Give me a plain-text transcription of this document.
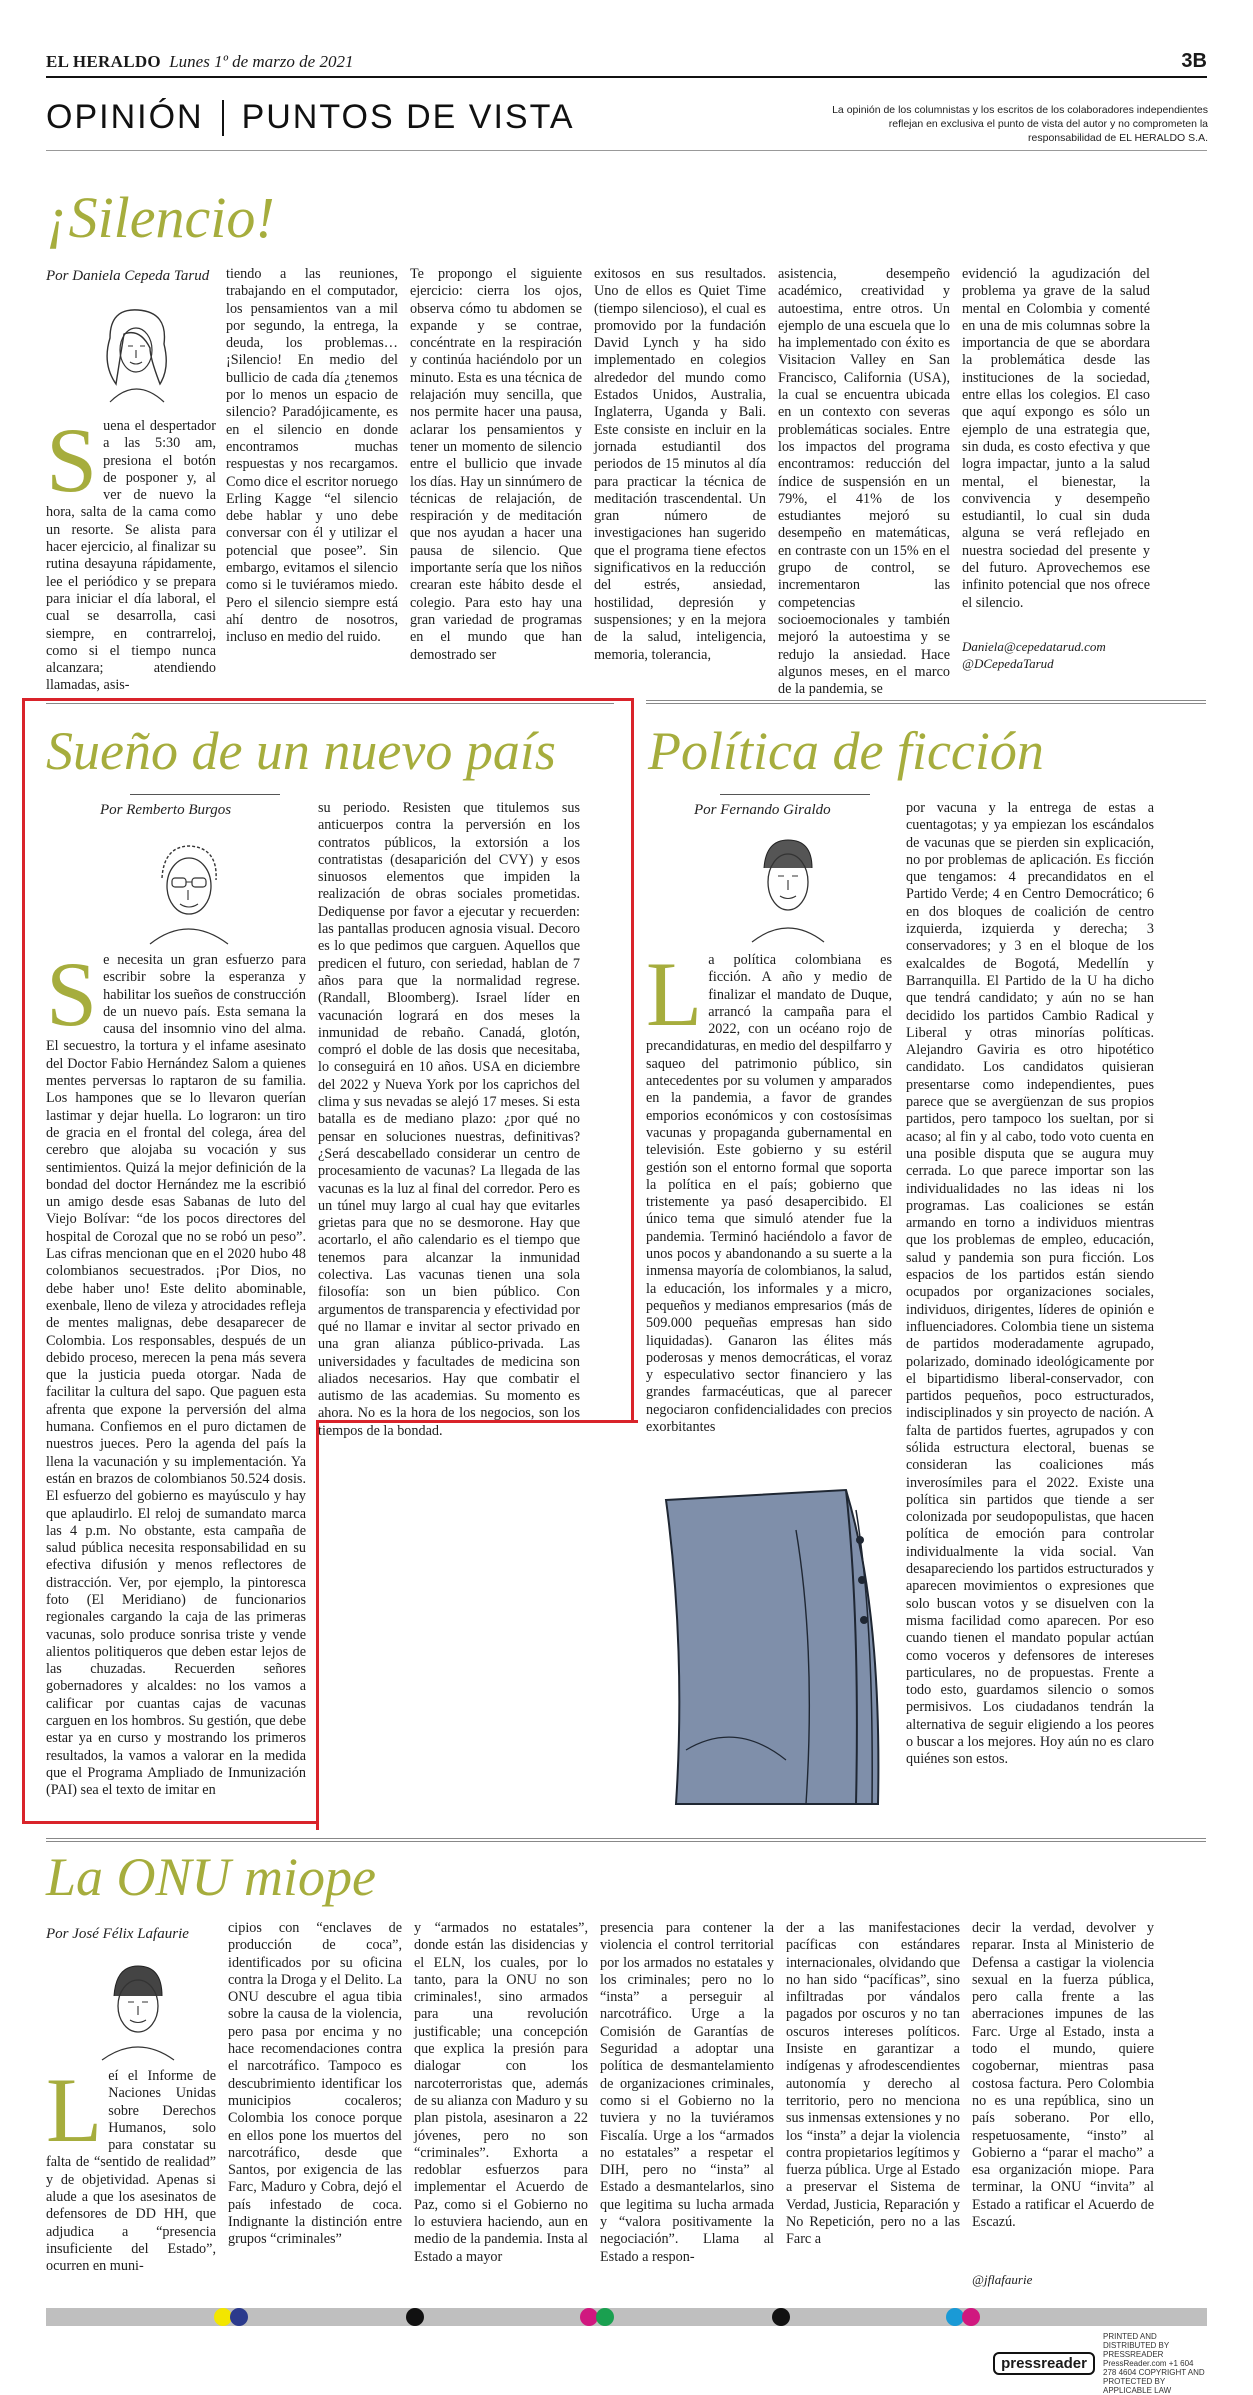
EL HERALDO Lunes 1º de marzo de 2021	3B
OPINIÓN PUNTOS DE VISTA	La opinión de los columnistas y los escritos de los colaboradores independientes reflejan en exclusiva el punto de vista del autor y no comprometen la responsabilidad de EL HERALDO S.A.
¡Silencio!
Por Daniela Cepeda Tarud
S uena el despertador a las 5:30 am, presiona el botón de posponer y, al ver de nuevo la hora, salta de la cama como un resorte. Se alista para hacer ejercicio, al finalizar su rutina desayuna rápidamente, lee el periódico y se prepara para iniciar el día laboral, el cual se desarrolla, casi siempre, en contrarreloj, como si el tiempo nunca alcanzara; atendiendo llamadas, asis-

tiendo a las reuniones, trabajando en el computador, los pensamientos van a mil por segundo, la entrega, la deuda, los problemas… ¡Silencio! En medio del bullicio de cada día ¿tenemos por lo menos un espacio de silencio? Paradójicamente, es en el silencio en donde encontramos muchas respuestas y nos recargamos. Como dice el escritor noruego Erling Kagge “el silencio debe hablar y uno debe conversar con él y utilizar el potencial que posee”. Sin embargo, evitamos el silencio como si le tuviéramos miedo. Pero el silencio siempre está ahí dentro de nosotros, incluso en medio del ruido.

Te propongo el siguiente ejercicio: cierra los ojos, observa cómo tu abdomen se expande y se contrae, concéntrate en la respiración y continúa haciéndolo por un minuto. Esta es una técnica de relajación muy sencilla, que nos permite hacer una pausa, aclarar los pensamientos y tener un momento de silencio entre el bullicio que invade los días. Hay un sinnúmero de técnicas de relajación, de respiración y de meditación que nos ayudan a hacer una pausa de silencio. Que importante sería que los niños crearan este hábito desde el colegio. Para esto hay una gran variedad de programas en el mundo que han demostrado ser

exitosos en sus resultados. Uno de ellos es Quiet Time (tiempo silencioso), el cual es promovido por la fundación David Lynch y ha sido implementado en colegios alrededor del mundo como Estados Unidos, Australia, Inglaterra, Uganda y Bali. Este consiste en incluir en la jornada estudiantil dos periodos de 15 minutos al día para practicar la técnica de meditación trascendental. Un gran número de investigaciones han sugerido que el programa tiene efectos significativos en la reducción del estrés, ansiedad, hostilidad, depresión y suspensiones; y en la mejora de la salud, inteligencia, memoria, tolerancia,

asistencia, desempeño académico, creatividad y autoestima, entre otros. Un ejemplo de una escuela que lo ha implementado con éxito es Visitacion Valley en San Francisco, California (USA), la cual se encuentra ubicada en un contexto con severas problemáticas sociales. Entre los impactos del programa encontramos: reducción del índice de suspensión en un 79%, el 41% de los estudiantes mejoró su desempeño en matemáticas, en contraste con un 15% en el grupo de control, se incrementaron las competencias socioemocionales y también mejoró la autoestima y se redujo la ansiedad. Hace algunos meses, en el marco de la pandemia, se

evidenció la agudización del problema ya grave de la salud mental en Colombia y comenté en una de mis columnas sobre la importancia de que se abordara la problemática desde las instituciones de la sociedad, entre ellas los colegios. El caso que aquí expongo es sólo un ejemplo de una estrategia que, sin duda, es costo efectiva y que logra impactar, junto a la salud mental, el bienestar, la convivencia y desempeño estudiantil, lo cual sin duda alguna se verá reflejado en nuestra sociedad del presente y del futuro. Aprovechemos ese infinito potencial que nos ofrece el silencio.

Daniela@cepedatarud.com
@DCepedaTarud
Sueño de un nuevo país
Por Remberto Burgos
S e necesita un gran esfuerzo para escribir sobre la esperanza y habilitar los sueños de construcción de un nuevo país. Esta semana la causa del insomnio vino del alma. El secuestro, la tortura y el infame asesinato del Doctor Fabio Hernández Salom a quienes mentes perversas lo raptaron de su familia. Los hampones que se lo llevaron querían lastimar y dejar huella. Lo lograron: un tiro de gracia en el frontal del colega, área del cerebro que alojaba su vocación y sus sentimientos. Quizá la mejor definición de la bondad del doctor Hernández me la escribió un amigo desde esas Sabanas de luto del Viejo Bolívar: “de los pocos directores del hospital de Corozal que no se robó un peso”. Las cifras mencionan que en el 2020 hubo 48 colombianos secuestrados. ¡Por Dios, no debe haber uno! Este delito abominable, exenbale, lleno de vileza y atrocidades refleja de mentes malignas, debe desaparecer de Colombia. Los responsables, después de un debido proceso, merecen la pena más severa que la justicia pueda otorgar. Nada de facilitar la cultura del sapo. Que paguen esta afrenta que expone la perversión del alma humana. Confiemos en el puro dictamen de nuestros jueces. Pero la agenda del país la llena la vacunación y su implementación. Ya están en brazos de colombianos 50.524 dosis. El esfuerzo del gobierno es mayúsculo y hay que aplaudirlo. El reloj de sumandato marca las 4 p.m. No obstante, esta campaña de salud pública necesita responsabilidad en su efectiva difusión y menos reflectores de distracción. Ver, por ejemplo, la pintoresca foto (El Meridiano) de funcionarios regionales cargando la caja de las primeras vacunas, solo produce sonrisa triste y vende alientos politiqueros que deben estar lejos de las chuzadas. Recuerden señores gobernadores y alcaldes: no los vamos a calificar por cuantas cajas de vacunas carguen en los hombros. Su gestión, que debe estar ya en curso y mostrando los primeros resultados, la vamos a valorar en la medida que el Programa Ampliado de Inmunización (PAI) sea el texto de imitar en

su periodo. Resisten que titulemos sus anticuerpos contra la perversión en los contratos públicos, la extorsión a los contratistas (desaparición del CVY) y esos sinuosos elementos que impiden la realización de obras sociales prometidas. Dediquense por favor a ejecutar y recuerden: las pantallas producen agnosia visual. Decoro es lo que pedimos que carguen. Aquellos que predicen el futuro, con seriedad, hablan de 7 años para que la normalidad regrese. (Randall, Bloomberg). Israel líder en vacunación logrará en dos meses la inmunidad de rebaño. Canadá, glotón, compró el doble de las dosis que necesitaba, lo conseguirá en 10 años. USA en diciembre del 2022 y Nueva York por los caprichos del clima y sus nevadas se alejó 17 meses. Si esta batalla es de mediano plazo: ¿por qué no pensar en soluciones nuestras, definitivas? ¿Será descabellado considerar un centro de procesamiento de vacunas? La llegada de las vacunas es la luz al final del corredor. Pero es un túnel muy largo al cual hay que evitarles grietas para que no se desmorone. Hay que acortarlo, el año calendario es el tiempo que tenemos para alcanzar la inmunidad colectiva. Las vacunas tienen una sola filosofía: son un bien público. Con argumentos de transparencia y efectividad por qué no llamar e invitar al sector privado en una gran alianza público-privada. Las universidades y facultades de medicina son aliados necesarios. Hay que combatir el autismo de las academias. Su momento es ahora. No es la hora de los negocios, son los tiempos de la bondad.

Política de ficción
Por Fernando Giraldo
L a política colombiana es ficción. A año y medio de finalizar el mandato de Duque, arrancó la campaña para el 2022, con un océano rojo de precandidaturas, en medio del despilfarro y saqueo del patrimonio público, sin antecedentes por su volumen y amparados en la pandemia, a favor de grandes emporios económicos y con costosísimas vacunas y propaganda gubernamental en televisión. Este gobierno y su estéril gestión son el entorno formal que soporta la política en el país; gobierno que tristemente ya pasó desapercibido. El único tema que simuló atender fue la pandemia. Terminó haciéndolo a favor de unos pocos y abandonando a su suerte a la inmensa mayoría de colombianos, la salud, la educación, los informales y a micro, pequeños y medianos empresarios (más de 509.000 pequeñas empresas han sido liquidadas). Ganaron las élites más poderosas y menos democráticas, el voraz y especulativo sector financiero y las grandes farmacéuticas, que al parecer negociaron confidencialidades con precios exorbitantes

por vacuna y la entrega de estas a cuentagotas; y ya empiezan los escándalos de vacunas que se pierden sin explicación, no por problemas de aplicación. Es ficción que tengamos: 4 precandidatos en el Partido Verde; 4 en Centro Democrático; 6 en dos bloques de coalición de centro izquierda, izquierda y derecha; 3 conservadores; y 3 en el bloque de los exalcaldes de Bogotá, Medellín y Barranquilla. El Partido de la U ha dicho que tendrá candidato; y aún no se han decidido los partidos Cambio Radical y Liberal y otras minorías políticas. Alejandro Gaviria es otro hipotético candidato. Los candidatos quisieran presentarse como independientes, pues parece que se avergüenzan de sus propios partidos, pero tampoco los sueltan, por si acaso; al fin y al cabo, todo voto cuenta en una posible disputa que se augura muy cerrada. Lo que parece importar son las individualidades no las ideas ni los programas. Las coaliciones se están armando en torno a individuos mientras que los problemas de empleo, educación, salud y pandemia son pura ficción. Los espacios de los partidos están siendo ocupados por organizaciones sociales, individuos, dirigentes, líderes de opinión e influenciadores. Colombia tiene un sistema de partidos moderadamente agrupado, polarizado, dominado ideológicamente por el bipartidismo liberal-conservador, con partidos pequeños, poco estructurados, indisciplinados y sin proyecto de nación. A falta de partidos fuertes, agrupados y con sólida estructura electoral, buenas se consideran las coaliciones más inverosímiles para el 2022. Existe una política sin partidos que tiende a ser colonizada por seudopopulistas, que hacen política de emoción para controlar individualmente la vida social. Van desapareciendo los partidos estructurados y aparecen movimientos o expresiones que solo buscan votos y se disuelven con la misma facilidad como aparecen. Por eso cuando tienen el mandato popular actúan como voceros y defensores de intereses particulares, no de propuestas. Frente a todo esto, guardamos silencio o somos permisivos. Los ciudadanos tendrán la alternativa de seguir eligiendo a los peores o buscar a los mejores. Hoy aún no es claro quiénes son estos.

La ONU miope
Por José Félix Lafaurie
L eí el Informe de Naciones Unidas sobre Derechos Humanos, solo para constatar su falta de “sentido de realidad” y de objetividad. Apenas si alude a que los asesinatos de defensores de DD HH, que adjudica a “presencia insuficiente del Estado”, ocurren en muni-

cipios con “enclaves de producción de coca”, identificados por su oficina contra la Droga y el Delito. La ONU descubre el agua tibia sobre la causa de la violencia, pero pasa por encima y no hace recomendaciones contra el narcotráfico. Tampoco es descubrimiento identificar los municipios cocaleros; Colombia los conoce porque en ellos pone los muertos del narcotráfico, desde que Santos, por exigencia de las Farc, Maduro y Cobra, dejó el país infestado de coca. Indignante la distinción entre grupos “criminales”

y “armados no estatales”, donde están las disidencias y el ELN, los cuales, por lo tanto, para la ONU no son criminales!, sino armados para una revolución justificable; una concepción que explica la presión para dialogar con los narcoterroristas que, además de su alianza con Maduro y su plan pistola, asesinaron a 22 jóvenes, pero no son “criminales”. Exhorta a redoblar esfuerzos para implementar el Acuerdo de Paz, como si el Gobierno no lo estuviera haciendo, aun en medio de la pandemia. Insta al Estado a mayor

presencia para contener la violencia el control territorial por los armados no estatales y los criminales; pero no lo “insta” a perseguir al narcotráfico. Urge a la Comisión de Garantías de Seguridad a adoptar una política de desmantelamiento de organizaciones criminales, como si el Gobierno no la tuviera y no la tuviéramos Fiscalía. Urge a los “armados no estatales” a respetar el DIH, pero no “insta” al Estado a desmantelarlos, sino que legitima su lucha armada y “valora positivamente la negociación”. Llama al Estado a respon-

der a las manifestaciones pacíficas con estándares internacionales, olvidando que no han sido “pacíficas”, sino infiltradas por vándalos pagados por oscuros y no tan oscuros intereses políticos. Insiste en garantizar a indígenas y afrodescendientes autonomía y derecho al territorio, pero no menciona sus inmensas extensiones y no los “insta” a dejar la violencia contra propietarios legítimos y fuerza pública. Urge al Estado a preservar el Sistema de Verdad, Justicia, Reparación y No Repetición, pero no a las Farc a

decir la verdad, devolver y reparar. Insta al Ministerio de Defensa a castigar la violencia sexual en la fuerza pública, pero calla frente a las aberraciones impunes de las Farc. Urge al Estado, insta a todo el mundo, quiere cogobernar, mientras pasa costosa factura. Pero Colombia no es una república, sino un país soberano. Por ello, respetuosamente, “insto” al Gobierno a “parar el macho” a esa organización miope. Para terminar, la ONU “invita” al Estado a ratificar el Acuerdo de Escazú.

@jflafaurie
pressreader
PRINTED AND DISTRIBUTED BY PRESSREADER PressReader.com +1 604 278 4604 COPYRIGHT AND PROTECTED BY APPLICABLE LAW
